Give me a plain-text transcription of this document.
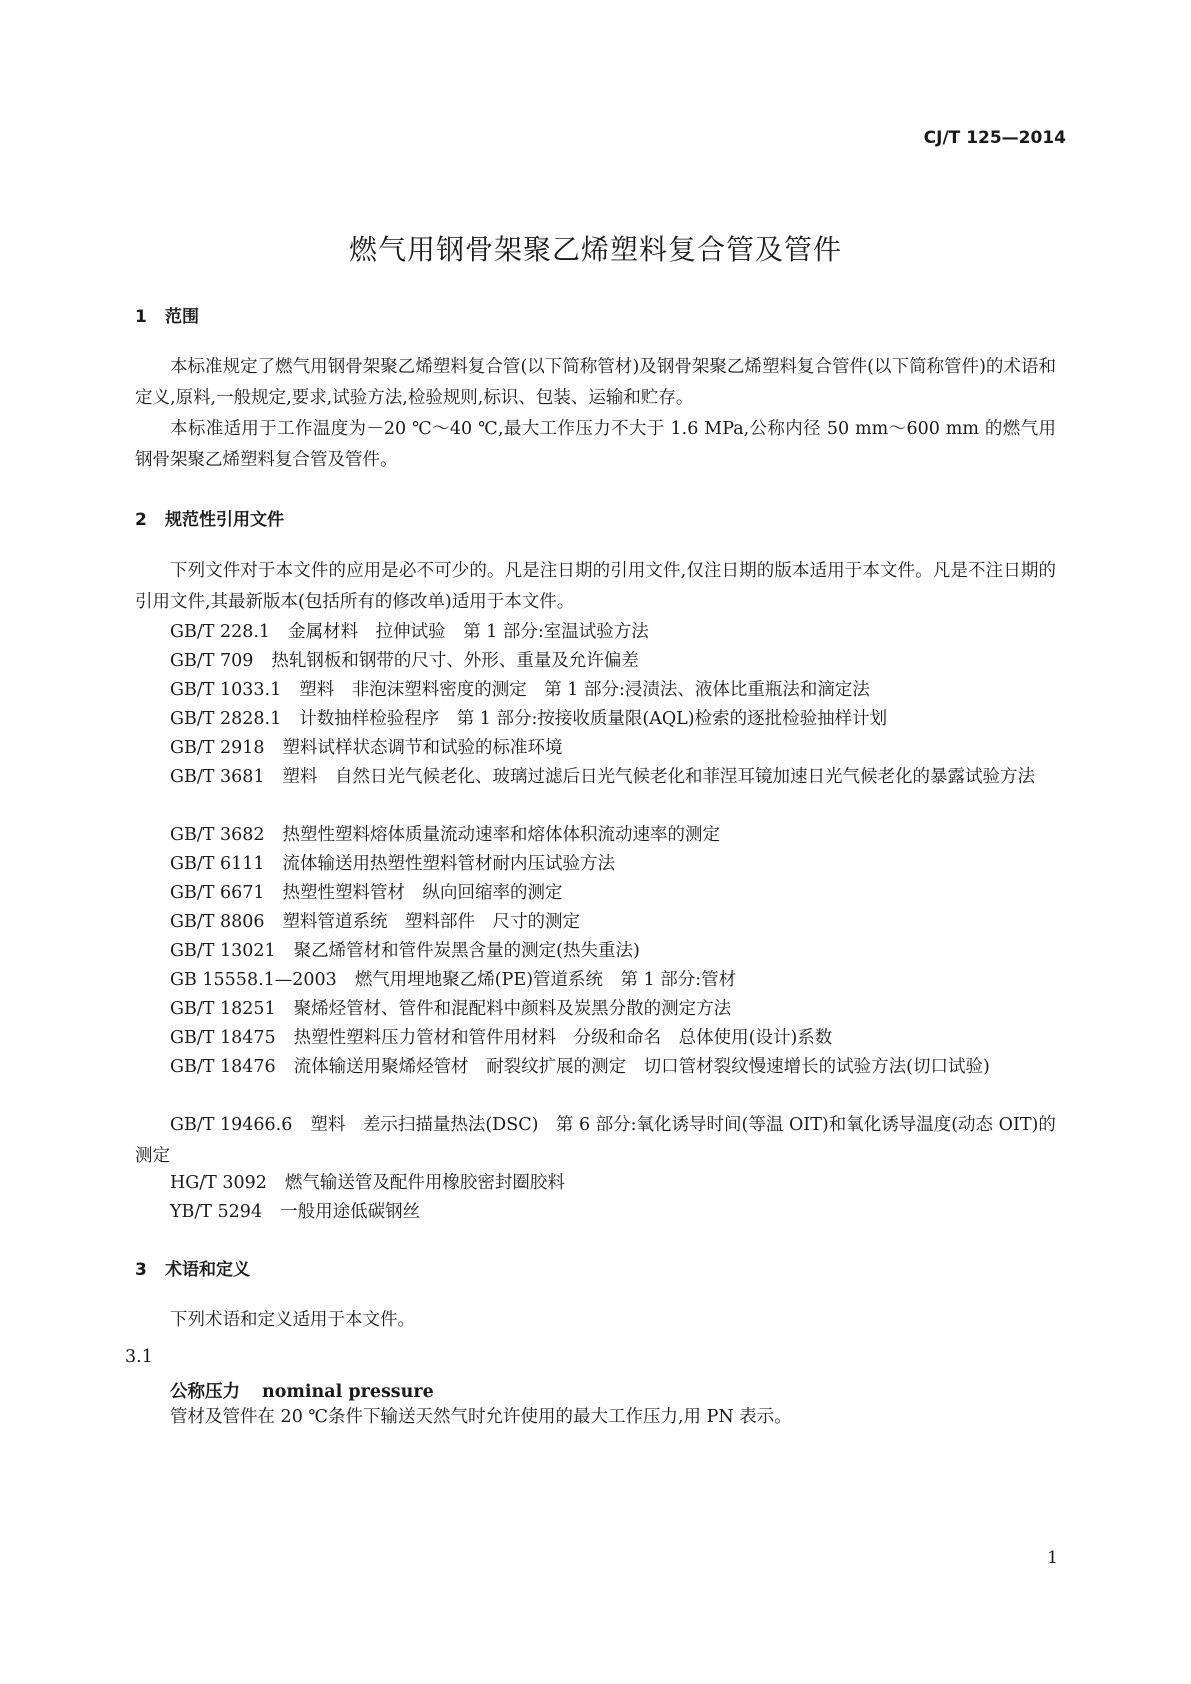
CJ/T 125—2014
燃气用钢骨架聚乙烯塑料复合管及管件
1 范围

本标准规定了燃气用钢骨架聚乙烯塑料复合管(以下简称管材)及钢骨架聚乙烯塑料复合管件(以下简称管件)的术语和定义,原料,一般规定,要求,试验方法,检验规则,标识、包装、运输和贮存。

本标准适用于工作温度为－20 ℃～40 ℃,最大工作压力不大于 1.6 MPa,公称内径 50 mm～600 mm 的燃气用钢骨架聚乙烯塑料复合管及管件。

2 规范性引用文件

下列文件对于本文件的应用是必不可少的。凡是注日期的引用文件,仅注日期的版本适用于本文件。凡是不注日期的引用文件,其最新版本(包括所有的修改单)适用于本文件。

GB/T 228.1 金属材料　拉伸试验　第 1 部分:室温试验方法

GB/T 709 热轧钢板和钢带的尺寸、外形、重量及允许偏差

GB/T 1033.1 塑料　非泡沫塑料密度的测定　第 1 部分:浸渍法、液体比重瓶法和滴定法

GB/T 2828.1 计数抽样检验程序　第 1 部分:按接收质量限(AQL)检索的逐批检验抽样计划

GB/T 2918 塑料试样状态调节和试验的标准环境

GB/T 3681 塑料　自然日光气候老化、玻璃过滤后日光气候老化和菲涅耳镜加速日光气候老化的暴露试验方法

GB/T 3682 热塑性塑料熔体质量流动速率和熔体体积流动速率的测定

GB/T 6111 流体输送用热塑性塑料管材耐内压试验方法

GB/T 6671 热塑性塑料管材　纵向回缩率的测定

GB/T 8806 塑料管道系统　塑料部件　尺寸的测定

GB/T 13021 聚乙烯管材和管件炭黑含量的测定(热失重法)

GB 15558.1—2003 燃气用埋地聚乙烯(PE)管道系统　第 1 部分:管材

GB/T 18251 聚烯烃管材、管件和混配料中颜料及炭黑分散的测定方法

GB/T 18475 热塑性塑料压力管材和管件用材料　分级和命名　总体使用(设计)系数

GB/T 18476 流体输送用聚烯烃管材　耐裂纹扩展的测定　切口管材裂纹慢速增长的试验方法(切口试验)

GB/T 19466.6 塑料　差示扫描量热法(DSC)　第 6 部分:氧化诱导时间(等温 OIT)和氧化诱导温度(动态 OIT)的测定

HG/T 3092 燃气输送管及配件用橡胶密封圈胶料

YB/T 5294 一般用途低碳钢丝

3 术语和定义

下列术语和定义适用于本文件。

3.1
公称压力 nominal pressure

管材及管件在 20 ℃条件下输送天然气时允许使用的最大工作压力,用 PN 表示。

1
